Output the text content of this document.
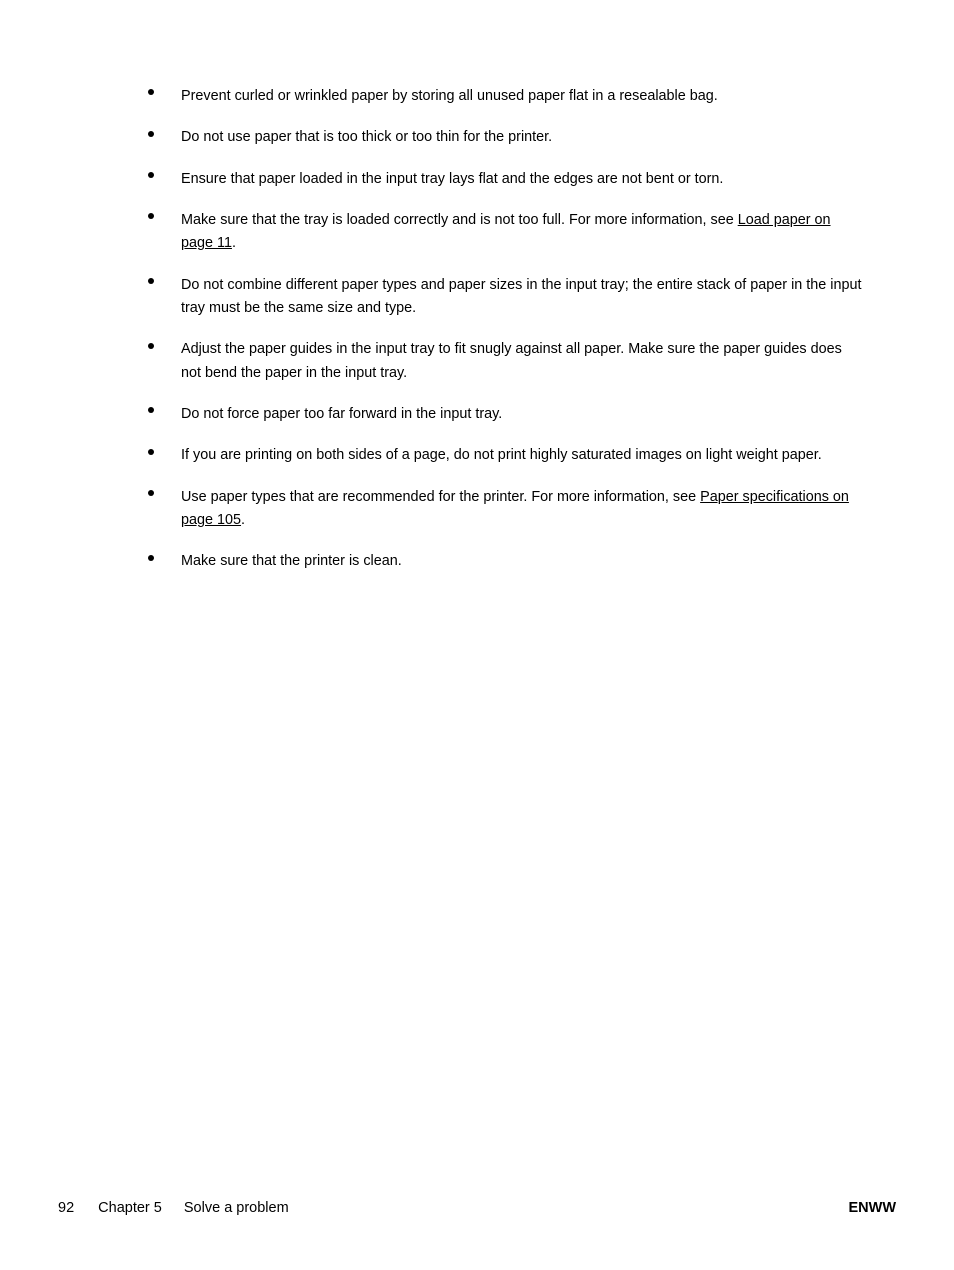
Prevent curled or wrinkled paper by storing all unused paper flat in a resealable bag.
Do not use paper that is too thick or too thin for the printer.
Ensure that paper loaded in the input tray lays flat and the edges are not bent or torn.
Make sure that the tray is loaded correctly and is not too full. For more information, see Load paper on page 11.
Do not combine different paper types and paper sizes in the input tray; the entire stack of paper in the input tray must be the same size and type.
Adjust the paper guides in the input tray to fit snugly against all paper. Make sure the paper guides does not bend the paper in the input tray.
Do not force paper too far forward in the input tray.
If you are printing on both sides of a page, do not print highly saturated images on light weight paper.
Use paper types that are recommended for the printer. For more information, see Paper specifications on page 105.
Make sure that the printer is clean.
92 Chapter 5 Solve a problem	ENWW
